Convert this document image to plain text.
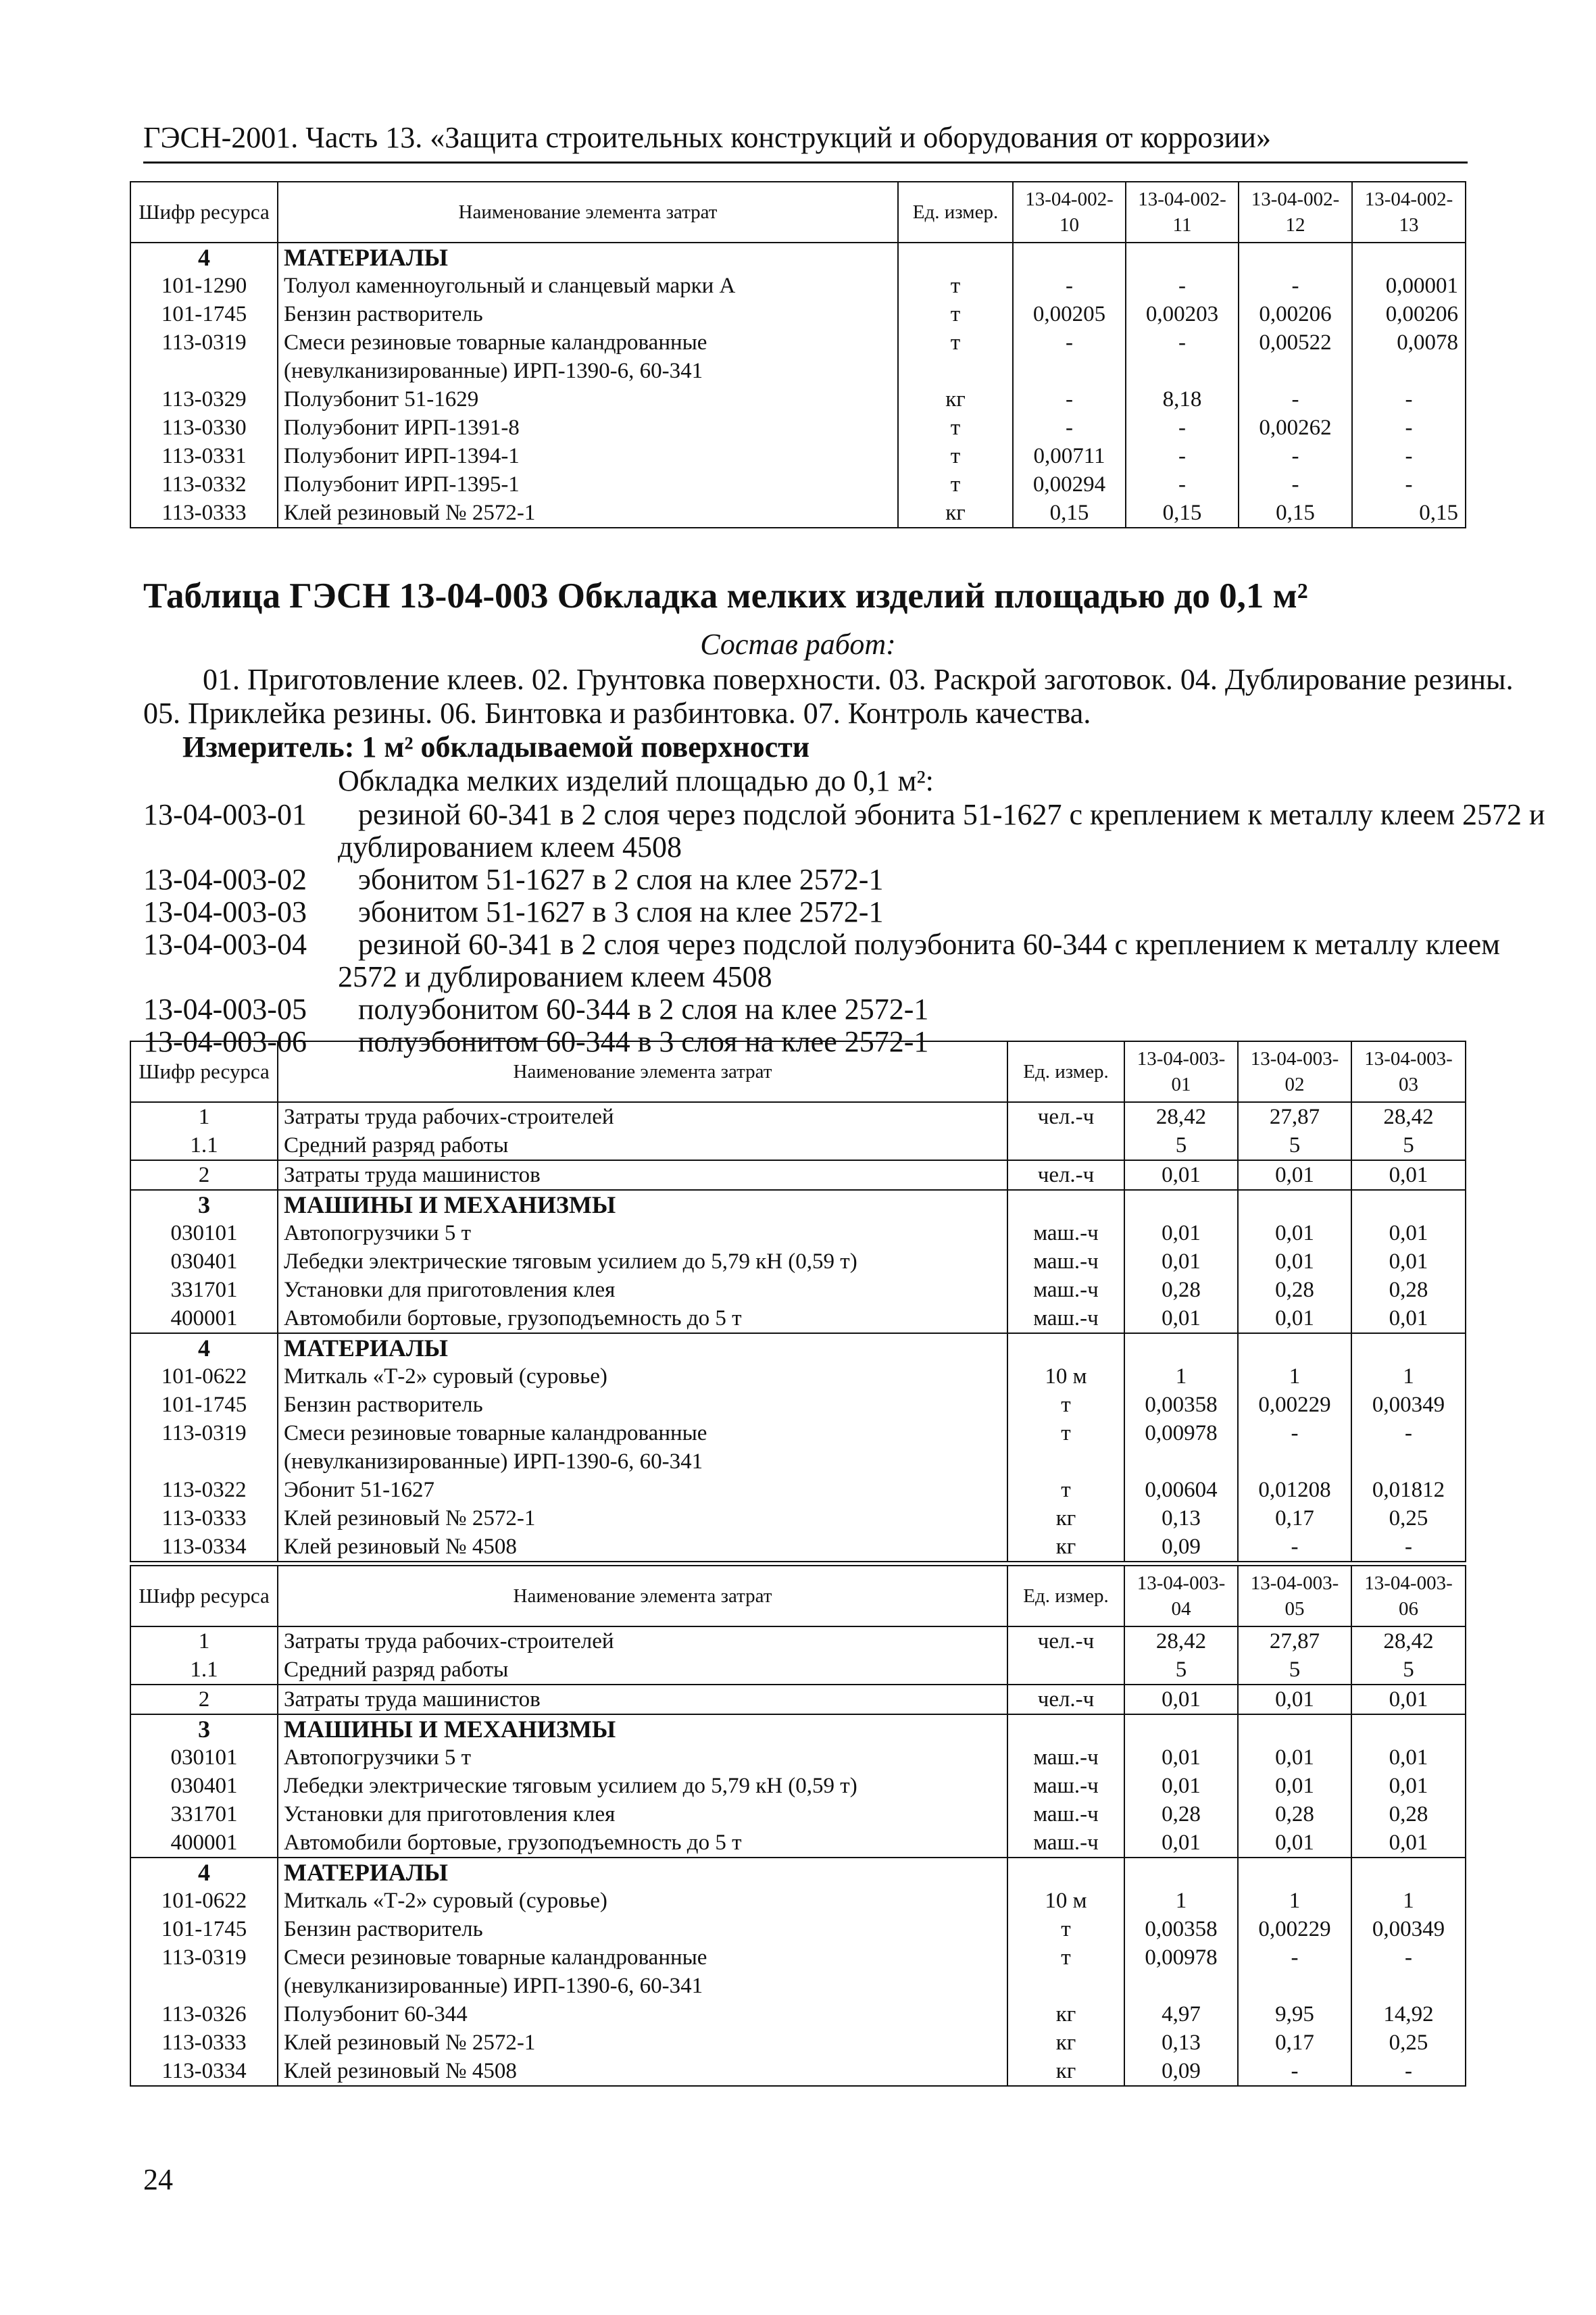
ГЭСН-2001. Часть 13. «Защита строительных конструкций и оборудования от коррозии»
Шифр ресурса	Наименование элемента затрат	Ед. измер.	13-04-002-10	13-04-002-11	13-04-002-12	13-04-002-13
4	МАТЕРИАЛЫ					
101-1290	Толуол каменноугольный и сланцевый марки А	т	-	-	-	0,00001
101-1745	Бензин растворитель	т	0,00205	0,00203	0,00206	0,00206
113-0319	Смеси резиновые товарные каландрованные	т	-	-	0,00522	0,0078
	(невулканизированные) ИРП-1390-6, 60-341					
113-0329	Полуэбонит 51-1629	кг	-	8,18	-	-
113-0330	Полуэбонит ИРП-1391-8	т	-	-	0,00262	-
113-0331	Полуэбонит ИРП-1394-1	т	0,00711	-	-	-
113-0332	Полуэбонит ИРП-1395-1	т	0,00294	-	-	-
113-0333	Клей резиновый № 2572-1	кг	0,15	0,15	0,15	0,15
Таблица ГЭСН 13-04-003 Обкладка мелких изделий площадью до 0,1 м²
Состав работ:
01. Приготовление клеев. 02. Грунтовка поверхности. 03. Раскрой заготовок. 04. Дублирование резины.
05. Приклейка резины. 06. Бинтовка и разбинтовка. 07. Контроль качества.
Измеритель: 1 м² обкладываемой поверхности
Обкладка мелких изделий площадью до 0,1 м²:
13-04-003-01 резиной 60-341 в 2 слоя через подслой эбонита 51-1627 с креплением к металлу клеем 2572 и
дублированием клеем 4508
13-04-003-02 эбонитом 51-1627 в 2 слоя на клее 2572-1
13-04-003-03 эбонитом 51-1627 в 3 слоя на клее 2572-1
13-04-003-04 резиной 60-341 в 2 слоя через подслой полуэбонита 60-344 с креплением к металлу клеем
2572 и дублированием клеем 4508
13-04-003-05 полуэбонитом 60-344 в 2 слоя на клее 2572-1
13-04-003-06 полуэбонитом 60-344 в 3 слоя на клее 2572-1
Шифр ресурса	Наименование элемента затрат	Ед. измер.	13-04-003-01	13-04-003-02	13-04-003-03
1	Затраты труда рабочих-строителей	чел.-ч	28,42	27,87	28,42
1.1	Средний разряд работы		5	5	5
2	Затраты труда машинистов	чел.-ч	0,01	0,01	0,01
3	МАШИНЫ И МЕХАНИЗМЫ				
030101	Автопогрузчики 5 т	маш.-ч	0,01	0,01	0,01
030401	Лебедки электрические тяговым усилием до 5,79 кН (0,59 т)	маш.-ч	0,01	0,01	0,01
331701	Установки для приготовления клея	маш.-ч	0,28	0,28	0,28
400001	Автомобили бортовые, грузоподъемность до 5 т	маш.-ч	0,01	0,01	0,01
4	МАТЕРИАЛЫ				
101-0622	Миткаль «Т-2» суровый (суровье)	10 м	1	1	1
101-1745	Бензин растворитель	т	0,00358	0,00229	0,00349
113-0319	Смеси резиновые товарные каландрованные	т	0,00978	-	-
	(невулканизированные) ИРП-1390-6, 60-341				
113-0322	Эбонит 51-1627	т	0,00604	0,01208	0,01812
113-0333	Клей резиновый № 2572-1	кг	0,13	0,17	0,25
113-0334	Клей резиновый № 4508	кг	0,09	-	-
Шифр ресурса	Наименование элемента затрат	Ед. измер.	13-04-003-04	13-04-003-05	13-04-003-06
1	Затраты труда рабочих-строителей	чел.-ч	28,42	27,87	28,42
1.1	Средний разряд работы		5	5	5
2	Затраты труда машинистов	чел.-ч	0,01	0,01	0,01
3	МАШИНЫ И МЕХАНИЗМЫ				
030101	Автопогрузчики 5 т	маш.-ч	0,01	0,01	0,01
030401	Лебедки электрические тяговым усилием до 5,79 кН (0,59 т)	маш.-ч	0,01	0,01	0,01
331701	Установки для приготовления клея	маш.-ч	0,28	0,28	0,28
400001	Автомобили бортовые, грузоподъемность до 5 т	маш.-ч	0,01	0,01	0,01
4	МАТЕРИАЛЫ				
101-0622	Миткаль «Т-2» суровый (суровье)	10 м	1	1	1
101-1745	Бензин растворитель	т	0,00358	0,00229	0,00349
113-0319	Смеси резиновые товарные каландрованные	т	0,00978	-	-
	(невулканизированные) ИРП-1390-6, 60-341				
113-0326	Полуэбонит 60-344	кг	4,97	9,95	14,92
113-0333	Клей резиновый № 2572-1	кг	0,13	0,17	0,25
113-0334	Клей резиновый № 4508	кг	0,09	-	-
24
